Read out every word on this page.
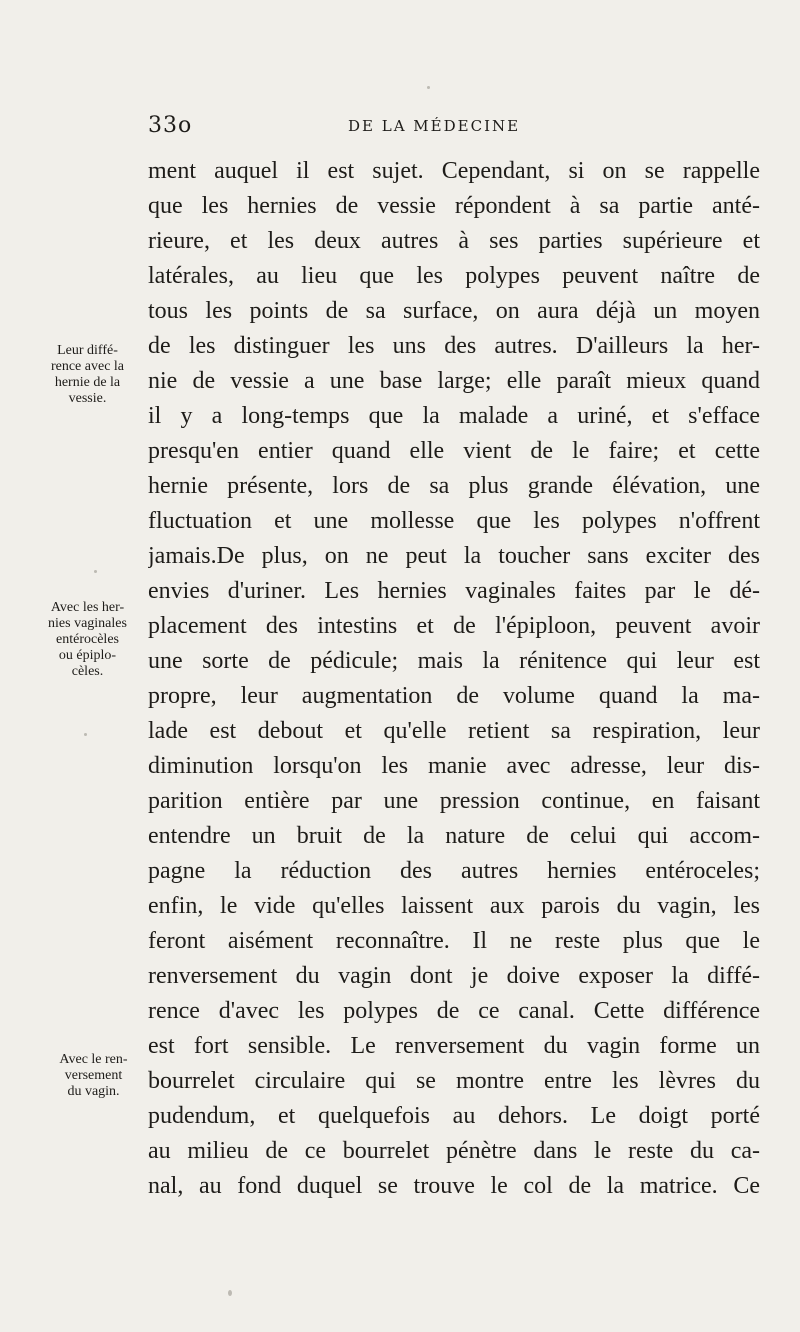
33o	DE LA MÉDECINE
ment auquel il est sujet. Cependant, si on se rappelle
que les hernies de vessie répondent à sa partie anté-
rieure, et les deux autres à ses parties supérieure et
latérales, au lieu que les polypes peuvent naître de
tous les points de sa surface, on aura déjà un moyen
de les distinguer les uns des autres. D'ailleurs la her-
nie de vessie a une base large; elle paraît mieux quand
il y a long-temps que la malade a uriné, et s'efface
presqu'en entier quand elle vient de le faire; et cette
hernie présente, lors de sa plus grande élévation, une
fluctuation et une mollesse que les polypes n'offrent
jamais.De plus, on ne peut la toucher sans exciter des
envies d'uriner. Les hernies vaginales faites par le dé-
placement des intestins et de l'épiploon, peuvent avoir
une sorte de pédicule; mais la rénitence qui leur est
propre, leur augmentation de volume quand la ma-
lade est debout et qu'elle retient sa respiration, leur
diminution lorsqu'on les manie avec adresse, leur dis-
parition entière par une pression continue, en faisant
entendre un bruit de la nature de celui qui accom-
pagne la réduction des autres hernies entéroceles;
enfin, le vide qu'elles laissent aux parois du vagin, les
feront aisément reconnaître. Il ne reste plus que le
renversement du vagin dont je doive exposer la diffé-
rence d'avec les polypes de ce canal. Cette différence
est fort sensible. Le renversement du vagin forme un
bourrelet circulaire qui se montre entre les lèvres du
pudendum, et quelquefois au dehors. Le doigt porté
au milieu de ce bourrelet pénètre dans le reste du ca-
nal, au fond duquel se trouve le col de la matrice. Ce
Leur diffé-
rence avec la
hernie de la
vessie.
Avec les her-
nies vaginales
entérocèles
ou épiplo-
cèles.
Avec le ren-
versement
du vagin.
